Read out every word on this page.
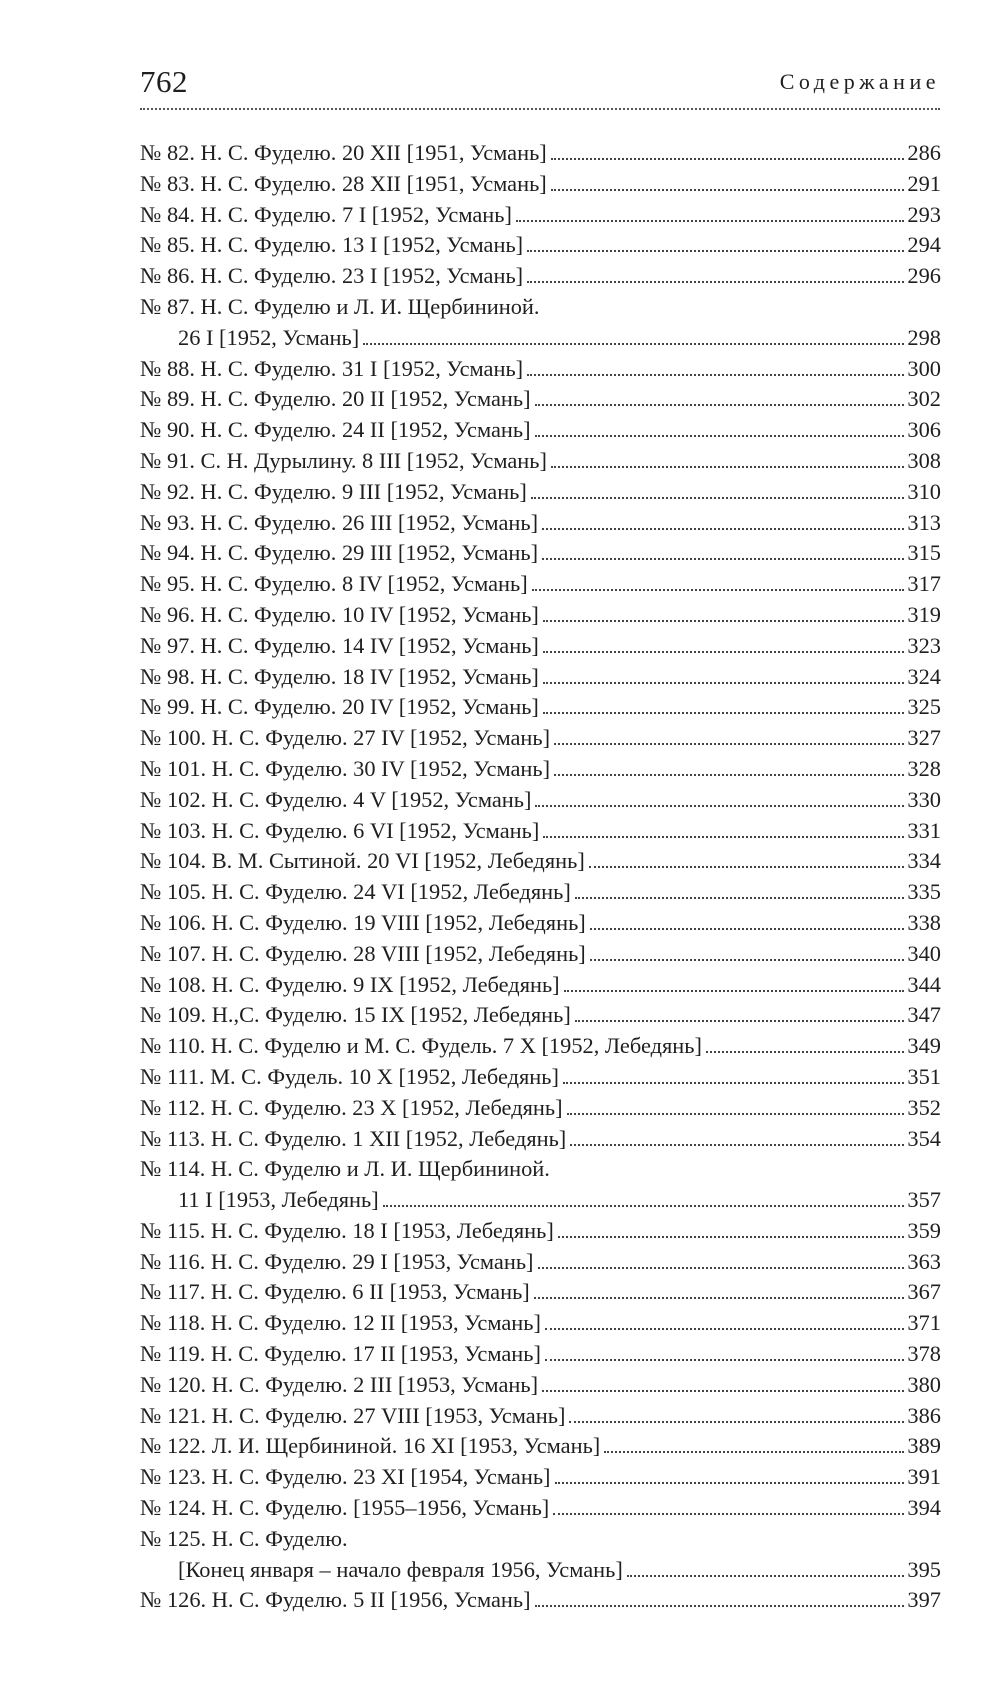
762	Содержание
№ 82. Н. С. Фуделю. 20 XII [1951, Усмань]	286
№ 83. Н. С. Фуделю. 28 XII [1951, Усмань]	291
№ 84. Н. С. Фуделю. 7 I [1952, Усмань]	293
№ 85. Н. С. Фуделю. 13 I [1952, Усмань]	294
№ 86. Н. С. Фуделю. 23 I [1952, Усмань]	296
№ 87. Н. С. Фуделю и Л. И. Щербининой.
26 I [1952, Усмань]	298
№ 88. Н. С. Фуделю. 31 I [1952, Усмань]	300
№ 89. Н. С. Фуделю. 20 II [1952, Усмань]	302
№ 90. Н. С. Фуделю. 24 II [1952, Усмань]	306
№ 91. С. Н. Дурылину. 8 III [1952, Усмань]	308
№ 92. Н. С. Фуделю. 9 III [1952, Усмань]	310
№ 93. Н. С. Фуделю. 26 III [1952, Усмань]	313
№ 94. Н. С. Фуделю. 29 III [1952, Усмань]	315
№ 95. Н. С. Фуделю. 8 IV [1952, Усмань]	317
№ 96. Н. С. Фуделю. 10 IV [1952, Усмань]	319
№ 97. Н. С. Фуделю. 14 IV [1952, Усмань]	323
№ 98. Н. С. Фуделю. 18 IV [1952, Усмань]	324
№ 99. Н. С. Фуделю. 20 IV [1952, Усмань]	325
№ 100. Н. С. Фуделю. 27 IV [1952, Усмань]	327
№ 101. Н. С. Фуделю. 30 IV [1952, Усмань]	328
№ 102. Н. С. Фуделю. 4 V [1952, Усмань]	330
№ 103. Н. С. Фуделю. 6 VI [1952, Усмань]	331
№ 104. В. М. Сытиной. 20 VI [1952, Лебедянь]	334
№ 105. Н. С. Фуделю. 24 VI [1952, Лебедянь]	335
№ 106. Н. С. Фуделю. 19 VIII [1952, Лебедянь]	338
№ 107. Н. С. Фуделю. 28 VIII [1952, Лебедянь]	340
№ 108. Н. С. Фуделю. 9 IX [1952, Лебедянь]	344
№ 109. Н.,С. Фуделю. 15 IX [1952, Лебедянь]	347
№ 110. Н. С. Фуделю и М. С. Фудель. 7 X [1952, Лебедянь]	349
№ 111. М. С. Фудель. 10 X [1952, Лебедянь]	351
№ 112. Н. С. Фуделю. 23 X [1952, Лебедянь]	352
№ 113. Н. С. Фуделю. 1 XII [1952, Лебедянь]	354
№ 114. Н. С. Фуделю и Л. И. Щербининой.
11 I [1953, Лебедянь]	357
№ 115. Н. С. Фуделю. 18 I [1953, Лебедянь]	359
№ 116. Н. С. Фуделю. 29 I [1953, Усмань]	363
№ 117. Н. С. Фуделю. 6 II [1953, Усмань]	367
№ 118. Н. С. Фуделю. 12 II [1953, Усмань]	371
№ 119. Н. С. Фуделю. 17 II [1953, Усмань]	378
№ 120. Н. С. Фуделю. 2 III [1953, Усмань]	380
№ 121. Н. С. Фуделю. 27 VIII [1953, Усмань]	386
№ 122. Л. И. Щербининой. 16 XI [1953, Усмань]	389
№ 123. Н. С. Фуделю. 23 XI [1954, Усмань]	391
№ 124. Н. С. Фуделю. [1955–1956, Усмань]	394
№ 125. Н. С. Фуделю.
[Конец января – начало февраля 1956, Усмань]	395
№ 126. Н. С. Фуделю. 5 II [1956, Усмань]	397
